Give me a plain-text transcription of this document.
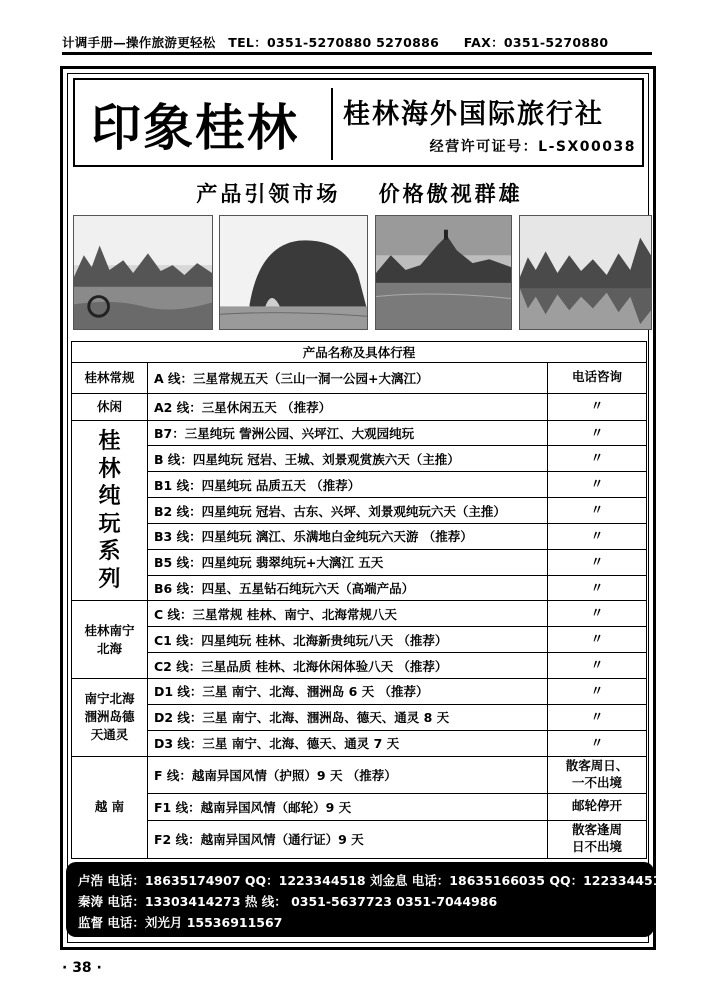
计调手册—操作旅游更轻松 TEL：0351-5270880 5270886 FAX：0351-5270880
印象桂林 桂林海外国际旅行社
经营许可证号：L-SX00038
产品引领市场 价格傲视群雄
产品名称及具体行程		
桂林常规	A 线：三星常规五天（三山一洞一公园+大漓江）	电话咨询
休闲	A2 线：三星休闲五天 （推荐）	〃

桂林纯玩系列	B7：三星纯玩 訾洲公园、兴坪江、大观园纯玩	〃
	B 线：四星纯玩 冠岩、王城、刘景观赏族六天（主推）	〃
	B1 线：四星纯玩 品质五天 （推荐）	〃
	B2 线：四星纯玩 冠岩、古东、兴坪、刘景观纯玩六天（主推）	〃
	B3 线：四星纯玩 漓江、乐满地白金纯玩六天游 （推荐）	〃
	B5 线：四星纯玩 翡翠纯玩+大漓江 五天	〃
	B6 线：四星、五星钻石纯玩六天（高端产品）	〃

桂林南宁北海	C 线：三星常规 桂林、南宁、北海常规八天	〃
	C1 线：四星纯玩 桂林、北海新贵纯玩八天 （推荐）	〃
	C2 线：三星品质 桂林、北海休闲体验八天 （推荐）	〃

南宁北海涠洲岛德天通灵	D1 线：三星 南宁、北海、涠洲岛 6 天 （推荐）	〃
	D2 线：三星 南宁、北海、涠洲岛、德天、通灵 8 天	〃
	D3 线：三星 南宁、北海、德天、通灵 7 天	〃
越 南	F 线：越南异国风情（护照）9 天 （推荐）	散客周日、一不出境

	F1 线：越南异国风情（邮轮）9 天	邮轮停开
	F2 线：越南异国风情（通行证）9 天	散客逢周日不出境
卢浩 电话：18635174907 QQ：1223344518 刘金息 电话：18635166035 QQ：1223344519
秦涛 电话：13303414273 热 线： 0351-5637723 0351-7044986
监督 电话：刘光月 15536911567
· 38 ·
